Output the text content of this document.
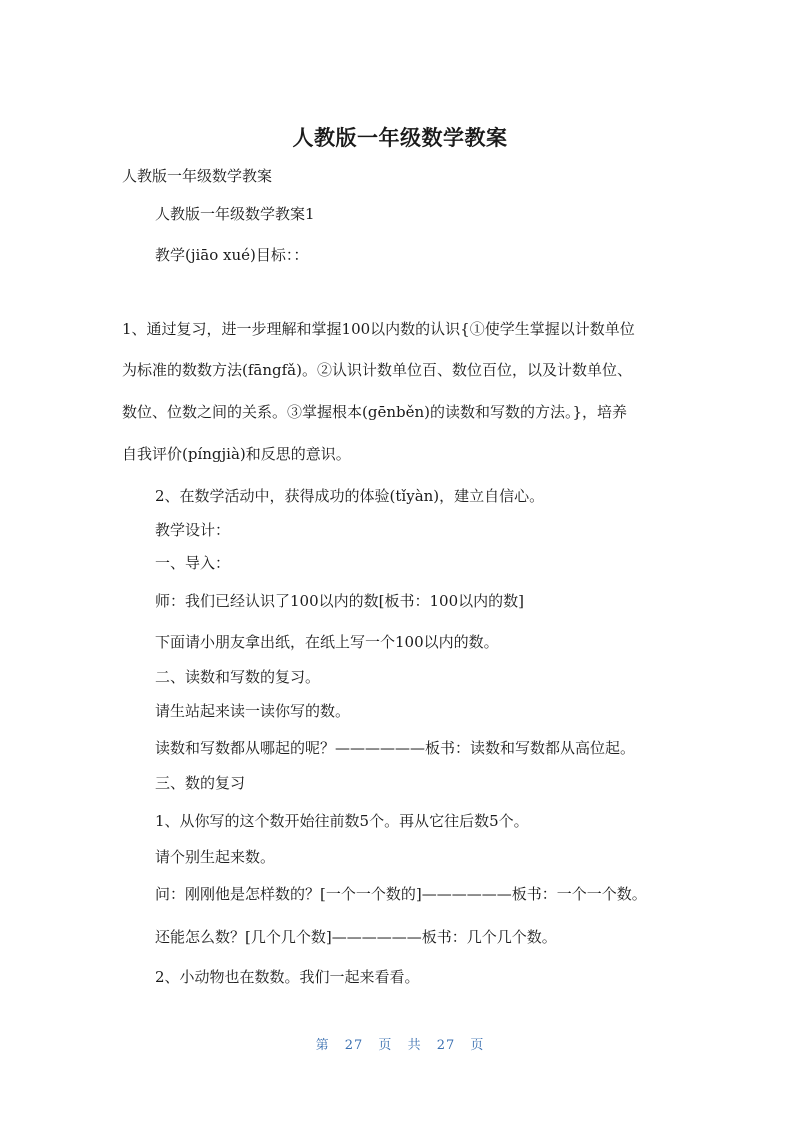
人教版一年级数学教案

人教版一年级数学教案

人教版一年级数学教案1

教学(jiāo xué)目标：：

1、通过复习，进一步理解和掌握100以内数的认识{①使学生掌握以计数单位

为标准的数数方法(fāngfǎ)。②认识计数单位百、数位百位，以及计数单位、

数位、位数之间的关系。③掌握根本(gēnběn)的读数和写数的方法。}，培养

自我评价(píngjià)和反思的意识。

2、在数学活动中，获得成功的体验(tǐyàn)，建立自信心。

教学设计：

一、导入：

师：我们已经认识了100以内的数[板书：100以内的数]

下面请小朋友拿出纸，在纸上写一个100以内的数。

二、读数和写数的复习。

请生站起来读一读你写的数。

读数和写数都从哪起的呢？——————板书：读数和写数都从高位起。

三、数的复习

1、从你写的这个数开始往前数5个。再从它往后数5个。

请个别生起来数。

问：刚刚他是怎样数的？[一个一个数的]——————板书：一个一个数。

还能怎么数？[几个几个数]——————板书：几个几个数。

2、小动物也在数数。我们一起来看看。

第 27 页 共 27 页
